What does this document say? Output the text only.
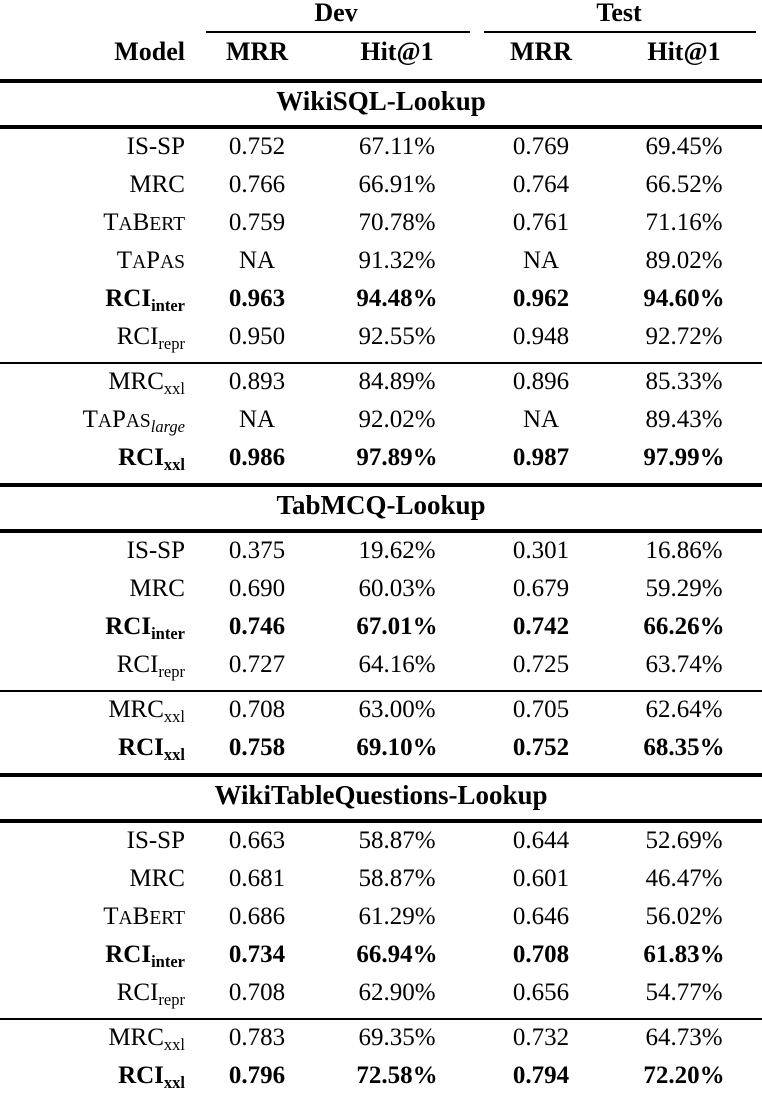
	Dev		Test	

Model	MRR	Hit@1	MRR	Hit@1

WikiSQL-Lookup				

IS-SP	0.752	67.11%	0.769	69.45%
MRC	0.766	66.91%	0.764	66.52%
TABERT	0.759	70.78%	0.761	71.16%
TAPAS	NA	91.32%	NA	89.02%
$RCI_{inter}$	0.963	94.48%	0.962	94.60%
$RCI_{repr}$	0.950	92.55%	0.948	92.72%

$MRC_{xxl}$	0.893	84.89%	0.896	85.33%
$TAPAS_{large}$	NA	92.02%	NA	89.43%
$RCI_{xxl}$	0.986	97.89%	0.987	97.99%

TabMCQ-Lookup				

IS-SP	0.375	19.62%	0.301	16.86%
MRC	0.690	60.03%	0.679	59.29%
$RCI_{inter}$	0.746	67.01%	0.742	66.26%
$RCI_{repr}$	0.727	64.16%	0.725	63.74%

$MRC_{xxl}$	0.708	63.00%	0.705	62.64%
$RCI_{xxl}$	0.758	69.10%	0.752	68.35%

WikiTableQuestions-Lookup				

IS-SP	0.663	58.87%	0.644	52.69%
MRC	0.681	58.87%	0.601	46.47%
TABERT	0.686	61.29%	0.646	56.02%
$RCI_{inter}$	0.734	66.94%	0.708	61.83%
$RCI_{repr}$	0.708	62.90%	0.656	54.77%

$MRC_{xxl}$	0.783	69.35%	0.732	64.73%
$RCI_{xxl}$	0.796	72.58%	0.794	72.20%
